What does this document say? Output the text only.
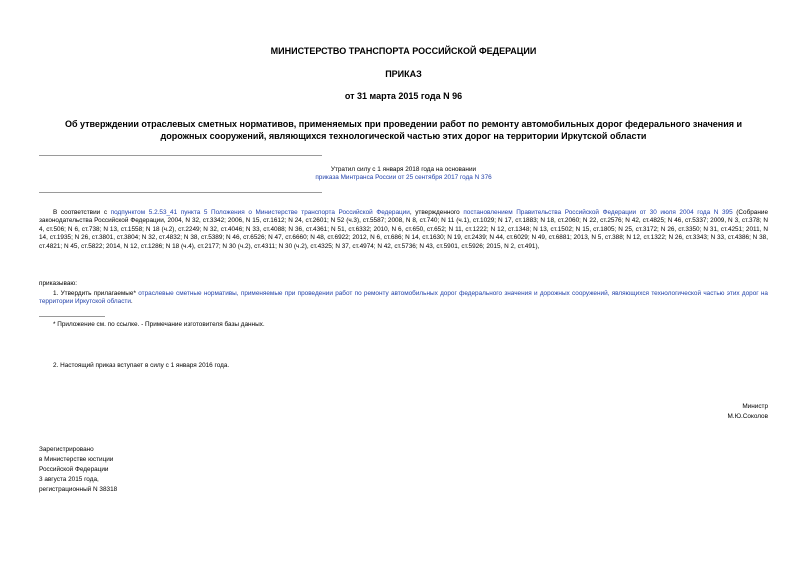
МИНИСТЕРСТВО ТРАНСПОРТА РОССИЙСКОЙ ФЕДЕРАЦИИ
ПРИКАЗ
от 31 марта 2015 года N 96
Об утверждении отраслевых сметных нормативов, применяемых при проведении работ по ремонту автомобильных дорог федерального значения и дорожных сооружений, являющихся технологической частью этих дорог на территории Иркутской области
Утратил силу с 1 января 2018 года на основании
приказа Минтранса России от 25 сентября 2017 года N 376
В соответствии с подпунктом 5.2.53_41 пункта 5 Положения о Министерстве транспорта Российской Федерации, утвержденного постановлением Правительства Российской Федерации от 30 июля 2004 года N 395 (Собрание законодательства Российской Федерации, 2004, N 32, ст.3342; 2006, N 15, ст.1612; N 24, ст.2601; N 52 (ч.3), ст.5587; 2008, N 8, ст.740; N 11 (ч.1), ст.1029; N 17, ст.1883; N 18, ст.2060; N 22, ст.2576; N 42, ст.4825; N 46, ст.5337; 2009, N 3, ст.378; N 4, ст.506; N 6, ст.738; N 13, ст.1558; N 18 (ч.2), ст.2249; N 32, ст.4046; N 33, ст.4088; N 36, ст.4361; N 51, ст.6332; 2010, N 6, ст.650, ст.652; N 11, ст.1222; N 12, ст.1348; N 13, ст.1502; N 15, ст.1805; N 25, ст.3172; N 26, ст.3350; N 31, ст.4251; 2011, N 14, ст.1935; N 26, ст.3801, ст.3804; N 32, ст.4832; N 38, ст.5389; N 46, ст.6526; N 47, ст.6660; N 48, ст.6922; 2012, N 6, ст.686; N 14, ст.1630; N 19, ст.2439; N 44, ст.6029; N 49, ст.6881; 2013, N 5, ст.388; N 12, ст.1322; N 26, ст.3343; N 33, ст.4386; N 38, ст.4821; N 45, ст.5822; 2014, N 12, ст.1286; N 18 (ч.4), ст.2177; N 30 (ч.2), ст.4311; N 30 (ч.2), ст.4325; N 37, ст.4974; N 42, ст.5736; N 43, ст.5901, ст.5926; 2015, N 2, ст.491),
приказываю:
1. Утвердить прилагаемые* отраслевые сметные нормативы, применяемые при проведении работ по ремонту автомобильных дорог федерального значения и дорожных сооружений, являющихся технологической частью этих дорог на территории Иркутской области.
* Приложение см. по ссылке. - Примечание изготовителя базы данных.
2. Настоящий приказ вступает в силу с 1 января 2016 года.
Министр
М.Ю.Соколов
Зарегистрировано
в Министерстве юстиции
Российской Федерации
3 августа 2015 года,
регистрационный N 38318
